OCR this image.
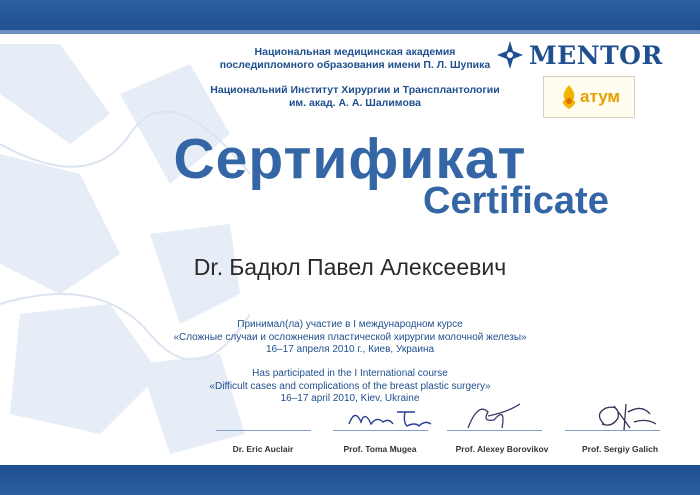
Национальная медицинская академия
последипломного образования имени П. Л. Шупика
Национальний Институт Хирургии и Трансплантологии
им. акад. А. А. Шалимова
MENTOR
атум
Сертификат
Certificate
Dr. Бадюл Павел Алексеевич
Принимал(ла) участие в I международном курсе
«Сложные случаи и осложнения пластической хирургии молочной железы»
16–17 апреля 2010 г., Киев, Украина
Has participated in the I International course
«Difficult cases and complications of the breast plastic surgery»
16–17 april 2010, Kiev, Ukraine
Dr. Eric Auclair	Prof. Toma Mugea	Prof. Alexey Borovikov	Prof. Sergiy Galich
